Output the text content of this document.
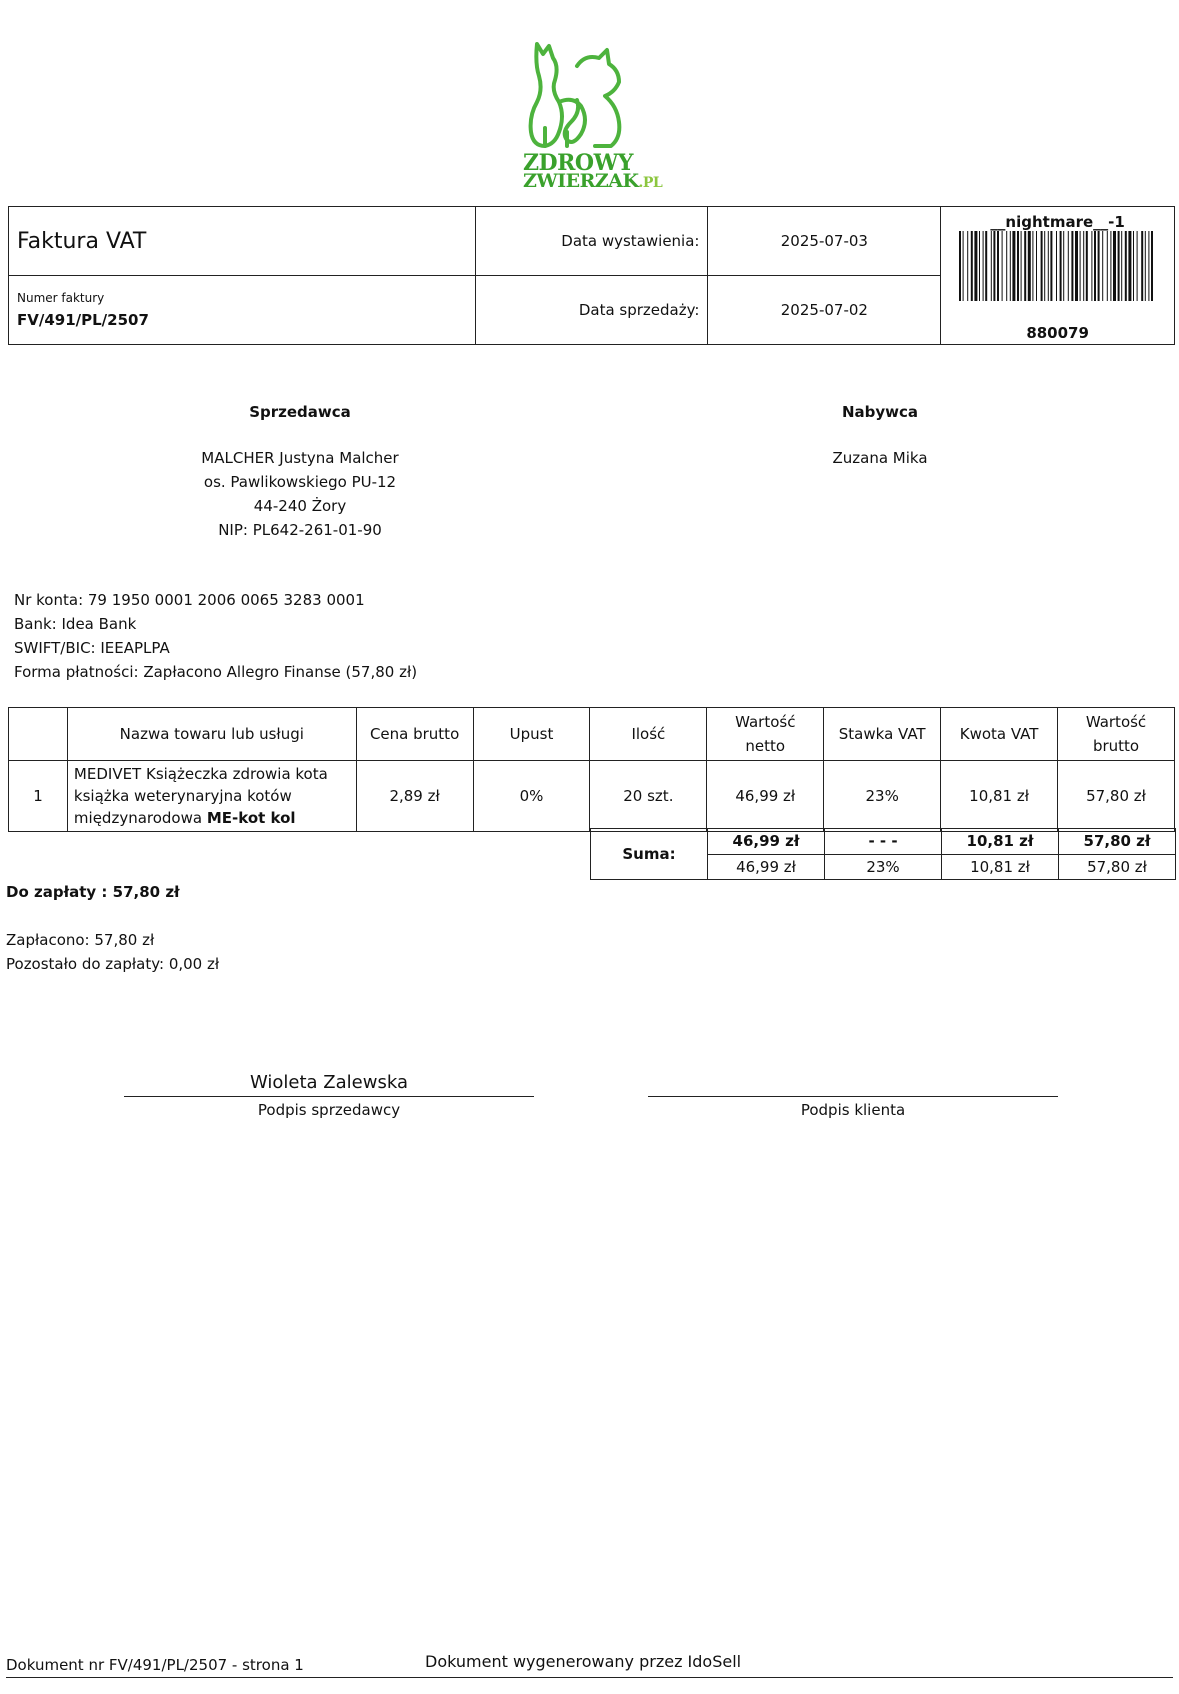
ZDROWY
ZWIERZAK.PL
Faktura VAT	Data wystawienia:	2025-07-03	__nightmare__-1
880079

Numer faktury
FV/491/PL/2507	Data sprzedaży:	2025-07-02	
Sprzedawca
MALCHER Justyna Malcher
os. Pawlikowskiego PU-12
44-240 Żory
NIP: PL642-261-01-90
Nabywca
Zuzana Mika
Nr konta: 79 1950 0001 2006 0065 3283 0001
Bank: Idea Bank
SWIFT/BIC: IEEAPLPA
Forma płatności: Zapłacono Allegro Finanse (57,80 zł)
	Nazwa towaru lub usługi	Cena brutto	Upust	Ilość	Wartość netto	Stawka VAT	Kwota VAT	Wartość brutto
1	MEDIVET Książeczka zdrowia kota książka weterynaryjna kotów międzynarodowa ME-kot kol	2,89 zł	0%	20 szt.	46,99 zł	23%	10,81 zł	57,80 zł
Suma:	46,99 zł	- - -	10,81 zł	57,80 zł
	46,99 zł	23%	10,81 zł	57,80 zł
Do zapłaty : 57,80 zł
Zapłacono: 57,80 zł
Pozostało do zapłaty: 0,00 zł
Wioleta Zalewska
Podpis sprzedawcy	Podpis klienta
Dokument nr FV/491/PL/2507 - strona 1	Dokument wygenerowany przez IdoSell
